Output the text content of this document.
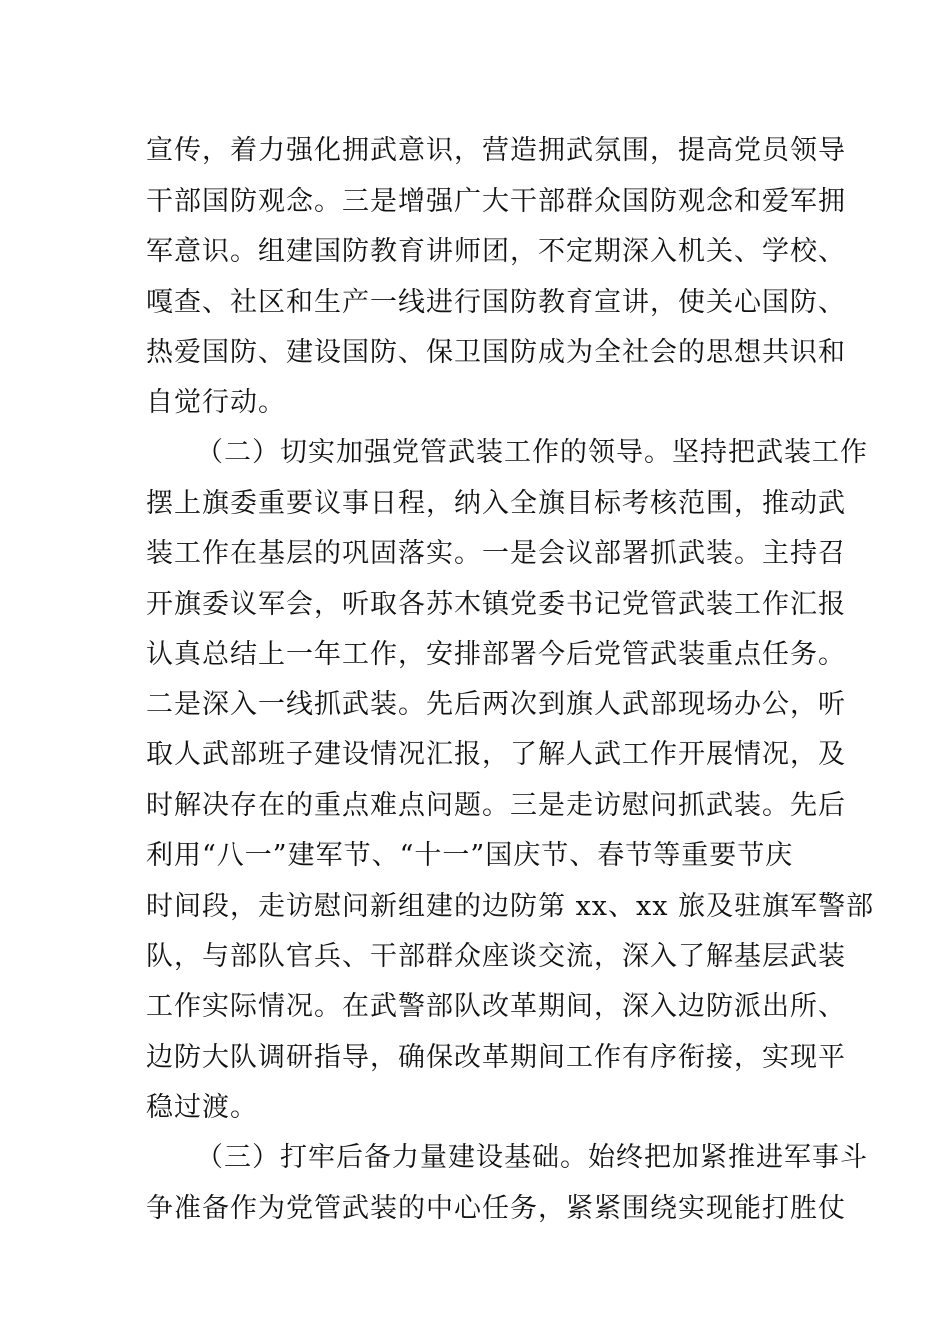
宣传，着力强化拥武意识，营造拥武氛围，提高党员领导
干部国防观念。三是增强广大干部群众国防观念和爱军拥
军意识。组建国防教育讲师团，不定期深入机关、学校、
嘎查、社区和生产一线进行国防教育宣讲，使关心国防、
热爱国防、建设国防、保卫国防成为全社会的思想共识和
自觉行动。
（二）切实加强党管武装工作的领导。坚持把武装工作
摆上旗委重要议事日程，纳入全旗目标考核范围，推动武
装工作在基层的巩固落实。一是会议部署抓武装。主持召
开旗委议军会，听取各苏木镇党委书记党管武装工作汇报
认真总结上一年工作，安排部署今后党管武装重点任务。
二是深入一线抓武装。先后两次到旗人武部现场办公，听
取人武部班子建设情况汇报，了解人武工作开展情况，及
时解决存在的重点难点问题。三是走访慰问抓武装。先后
利用“八一”建军节、“十一”国庆节、春节等重要节庆
时间段，走访慰问新组建的边防第 xx、xx 旅及驻旗军警部
队，与部队官兵、干部群众座谈交流，深入了解基层武装
工作实际情况。在武警部队改革期间，深入边防派出所、
边防大队调研指导，确保改革期间工作有序衔接，实现平
稳过渡。
（三）打牢后备力量建设基础。始终把加紧推进军事斗
争准备作为党管武装的中心任务，紧紧围绕实现能打胜仗
